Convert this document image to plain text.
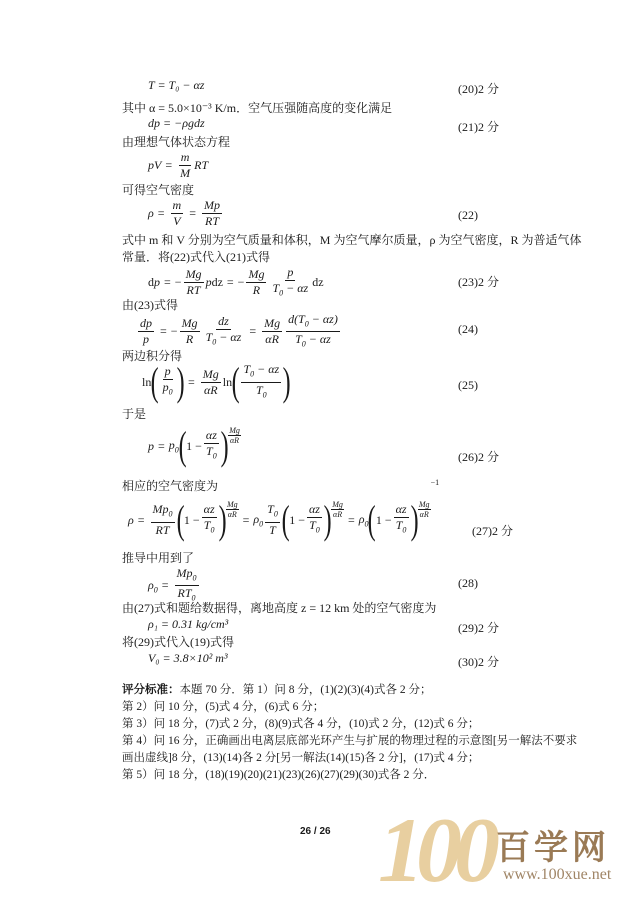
T = T₀ − αz	(20)2 分
其中 α = 5.0×10⁻³ K/m．空气压强随高度的变化满足
dp = −ρgdz	(21)2 分
由理想气体状态方程
pV = $\frac{m}{M}$ RT
可得空气密度
$\rho = \frac{m}{V} = \frac{Mp}{RT}$	(22)
式中 m 和 V 分别为空气质量和体积，M 为空气摩尔质量，ρ 为空气密度，R 为普适气体
常量．将(22)式代入(21)式得
d p = − $\frac{Mg}{RT}$ p dz = − $\frac{Mg}{R} \frac{p}{T_0 - \alpha z}$ dz	(23)2 分
由(23)式得
$\frac{dp}{p}$ = − $\frac{Mg}{R} \frac{dz}{T_0 - \alpha z} = \frac{Mg}{\alpha R} \frac{d(T_0 - \alpha z)}{T_0 - \alpha z}$	(24)
两边积分得
ln ( $\frac{p}{p_0}$ ) = $\frac{Mg}{\alpha R}$ ln ( $\frac{T_0 - \alpha z}{T_0}$ )	(25)
于是
$p = p_0$ ( $1 - \frac{\alpha z}{T_0}$ ) $\frac{Mg}{\alpha R}$
(26)2 分
相应的空气密度为
$\rho = \frac{Mp_0}{RT}$ ( $1 - \frac{\alpha z}{T_0}$ ) $\frac{Mg}{\alpha R}$
= $\rho_0 \frac{T_0}{T}$ ( $1 - \frac{\alpha z}{T_0}$ ) $\frac{Mg}{\alpha R}$
= $\rho_0$ ( $1 - \frac{\alpha z}{T_0}$ ) $\frac{Mg}{\alpha R}$
−1
(27)2 分
推导中用到了
$\rho_0 = \frac{Mp_0}{RT_0}$	(28)
由(27)式和题给数据得，离地高度 z = 12 km 处的空气密度为
ρ₁ = 0.31 kg/cm³	(29)2 分
将(29)式代入(19)式得
V₀ = 3.8×10² m³	(30)2 分
评分标准：本题 70 分．第 1）问 8 分，(1)(2)(3)(4)式各 2 分；
第 2）问 10 分，(5)式 4 分，(6)式 6 分；
第 3）问 18 分，(7)式 2 分，(8)(9)式各 4 分，(10)式 2 分，(12)式 6 分；
第 4）问 16 分，正确画出电离层底部光环产生与扩展的物理过程的示意图[另一解法不要求
画出虚线]8 分，(13)(14)各 2 分[另一解法(14)(15)各 2 分]，(17)式 4 分；
第 5）问 18 分，(18)(19)(20)(21)(23)(26)(27)(29)(30)式各 2 分．
26 / 26 100 百学网
www.100xue.net
